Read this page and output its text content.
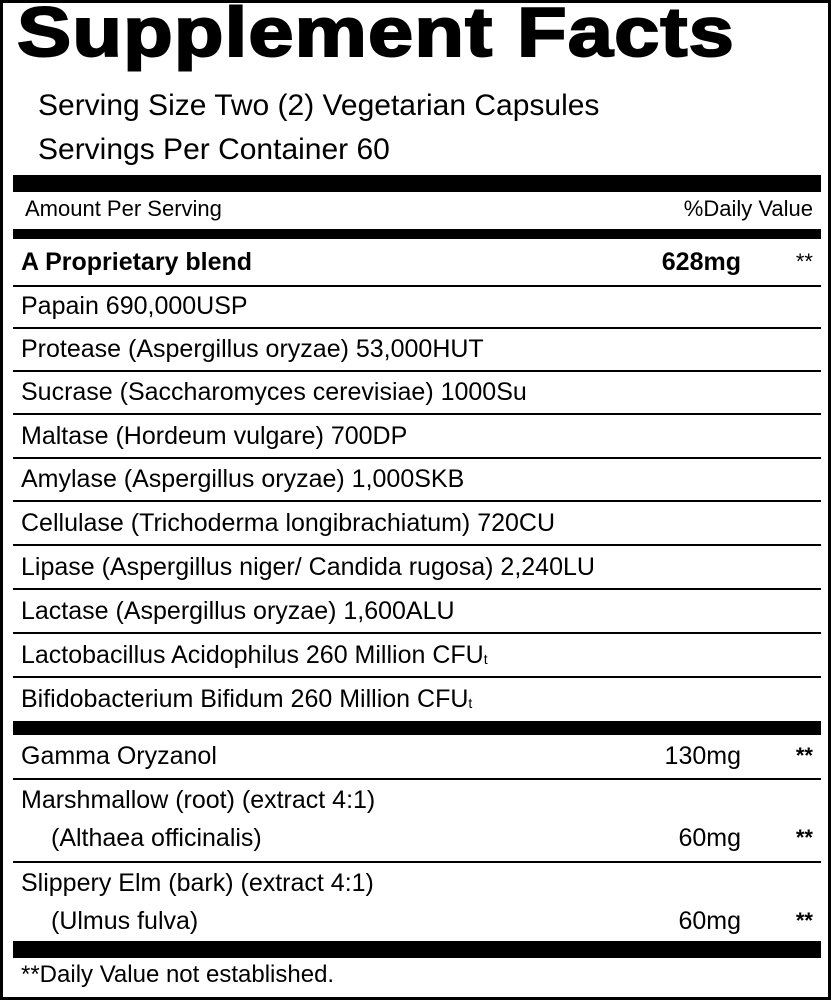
Supplement Facts
Serving Size Two (2) Vegetarian Capsules
Servings Per Container 60
Amount Per Serving	%Daily Value
A Proprietary blend	628mg **
Papain 690,000USP
Protease (Aspergillus oryzae) 53,000HUT
Sucrase (Saccharomyces cerevisiae) 1000Su
Maltase (Hordeum vulgare) 700DP
Amylase (Aspergillus oryzae) 1,000SKB
Cellulase (Trichoderma longibrachiatum) 720CU
Lipase (Aspergillus niger/ Candida rugosa) 2,240LU
Lactase (Aspergillus oryzae) 1,600ALU
Lactobacillus Acidophilus 260 Million CFU$^t$
Bifidobacterium Bifidum 260 Million CFU$^t$
Gamma Oryzanol	130mg **
Marshmallow (root) (extract 4:1)
(Althaea officinalis)	60mg **
Slippery Elm (bark) (extract 4:1)
(Ulmus fulva)	60mg **
**Daily Value not established.
